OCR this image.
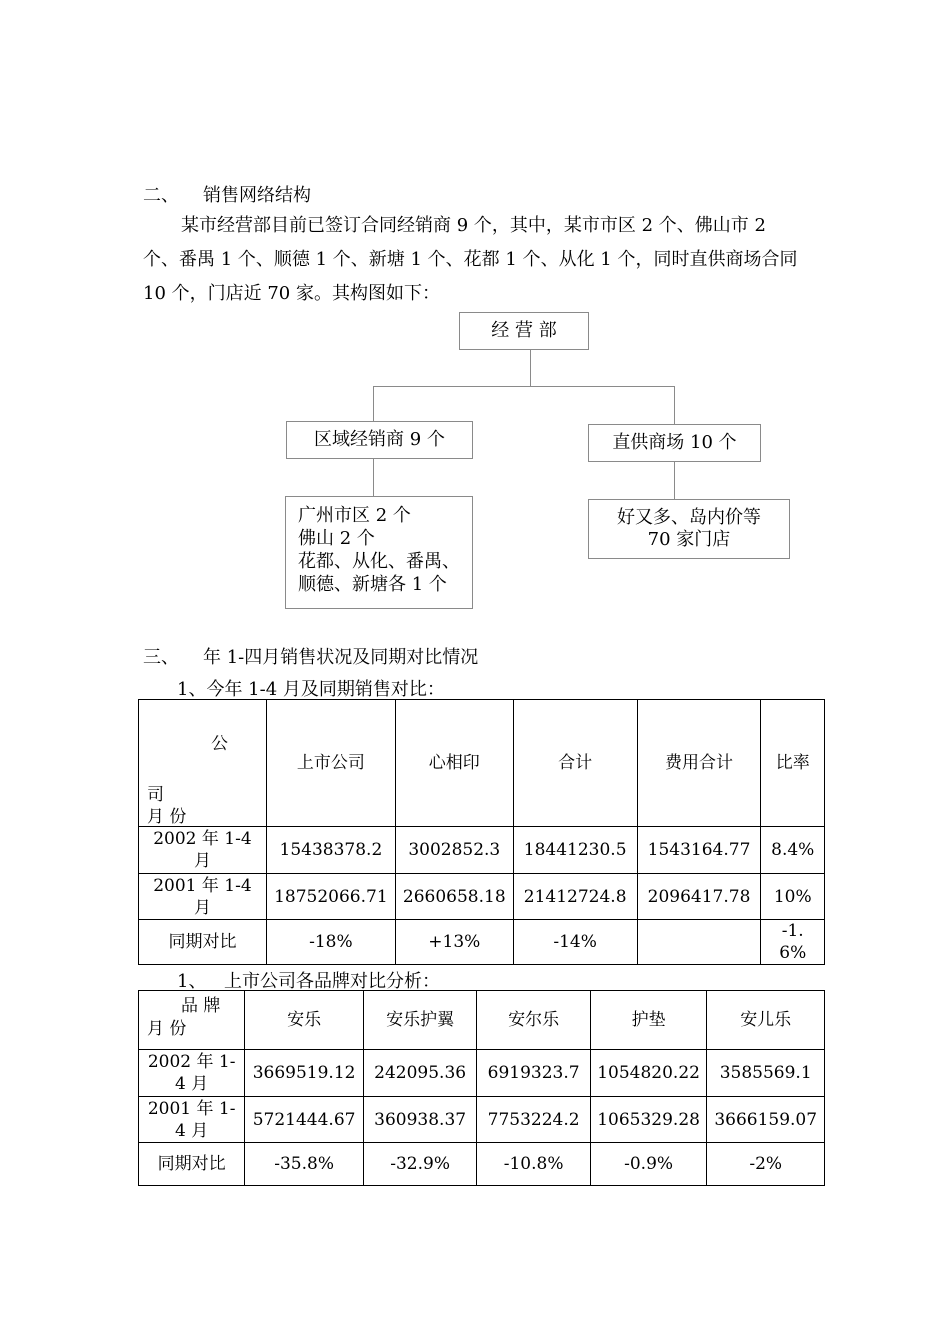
二、 销售网络结构
某市经营部目前已签订合同经销商 9 个，其中，某市市区 2 个、佛山市 2
个、番禺 1 个、顺德 1 个、新塘 1 个、花都 1 个、从化 1 个，同时直供商场合同
10 个，门店近 70 家。其构图如下：
经 营 部
区域经销商 9 个	直供商场 10 个
广州市区 2 个
佛山 2 个
花都、从化、番禺、
顺德、新塘各 1 个
好又多、岛内价等
70 家门店
三、 年 1-四月销售状况及同期对比情况
1、今年 1-4 月及同期销售对比：
公
司
月 份	上市公司	心相印	合计	费用合计	比率
2002 年 1-4 月	15438378.2	3002852.3	18441230.5	1543164.77	8.4%
2001 年 1-4 月	18752066.71	2660658.18	21412724.8	2096417.78	10%
同期对比	-18%	+13%	-14%		-1.6%
1、 上市公司各品牌对比分析：
品 牌
月 份	安乐	安乐护翼	安尔乐	护垫	安儿乐
2002 年 1-4 月	3669519.12	242095.36	6919323.7	1054820.22	3585569.1
2001 年 1-4 月	5721444.67	360938.37	7753224.2	1065329.28	3666159.07
同期对比	-35.8%	-32.9%	-10.8%	-0.9%	-2%
